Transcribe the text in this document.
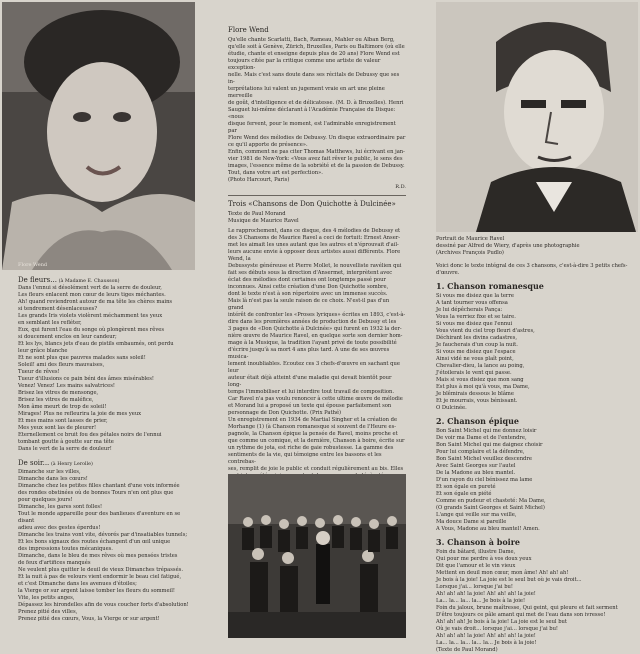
Flore Wend
De fleurs... (à Madame E. Chausson)
Dans l'ennui si désolément vert de la serre de douleur,
Les fleurs enlacent mon cœur de leurs tiges méchantes.
Ah! quand reviendront autour de ma tête les chères mains
si tendrement désenlaceuses?
Les grands Iris violets violèrent méchamment tes yeux
en semblant les refléter,
Eux, qui furent l'eau du songe où plongèrent mes rêves
si doucement enclos en leur candeur;
Et les lys, blancs jets d'eau de pistils embaumés, ont perdu
leur grâce blanche
Et ne sont plus que pauvres malades sans soleil!
Soleil! ami des fleurs mauvaises,
Tueur de rêves!
Tueur d'illusions ce pain béni des âmes misérables!
Venez! Venez! Les mains salvatrices!
Brisez les vitres de mensonge,
Brisez les vitres de maléfice,
Mon âme meurt de trop de soleil!
Mirages! Plus ne refleurira la joie de mes yeux
Et mes mains sont lasses de prier,
Mes yeux sont las de pleurer!
Eternellement ce bruit fou des pétales noirs de l'ennui
tombant goutte à goutte sur ma tête
Dans le vert de la serre de douleur!
De soir... (à Henry Lerolle)
Dimanche sur les villes,
Dimanche dans les cœurs!
Dimanche chez les petites filles chantant d'une voix informée
des rondes obstinées où de bonnes Tours n'en ont plus que
pour quelques jours!
Dimanche, les gares sont folles!
Tout le monde appareille pour des banlieues d'aventure en se disant
adieu avec des gestes éperdus!
Dimanche les trains vont vite, dévorés par d'insatiables tunnels;
Et les bons signaux des routes échangent d'un œil unique
des impressions toutes mécaniques.
Dimanche, dans le bleu de mes rêves où mes pensées tristes
de feux d'artifices manqués
Ne veulent plus quitter le deuil de vieux Dimanches trépassés.
Et la nuit à pas de velours vient endormir le beau ciel fatigué,
et c'est Dimanche dans les avenues d'étoiles;
la Vierge or sur argent laisse tomber les fleurs du sommeil!
Vite, les petits anges,
Dépassez les hirondelles afin de vous coucher forts d'absolution!
Prenez pitié des villes,
Prenez pitié des cœurs, Vous, la Vierge or sur argent!
Flore Wend
Qu'elle chante Scarlatti, Bach, Rameau, Mahler ou Alban Berg,
qu'elle soit à Genève, Zürich, Bruxelles, Paris ou Baltimore (où elle
étudie, chante et enseigne depuis plus de 20 ans) Flore Wend est
toujours citée par la critique comme une artiste de valeur exception-
nelle. Mais c'est sans doute dans ses récitals de Debussy que ses in-
terprétations lui valent un jugement vraie en art une pleine merveille
de goût, d'intelligence et de délicatesse. (M. D. à Bruxelles). Henri
Sauguet lui-même déclarant à l'Académie Française du Disque: «nous
disque fervent, pour le moment, est l'admirable enregistrement par
Flore Wend des mélodies de Debussy. Un disque extraordinaire par
ce qu'il apporte de présence».
Enfin, comment ne pas citer Thomas Matthews, lui écrivant en jan-
vier 1981 de New-York: «Vous avez fait rêver le public, le sens des
images, l'essence même de la sobriété et de la passion de Debussy.
Tout, dans votre art est perfection».
(Photo Harcourt, Paris)
R.D.
Trois «Chansons de Don Quichotte à Dulcinée»
Texte de Paul Morand
Musique de Maurice Ravel
Le rapprochement, dans ce disque, des 4 mélodies de Debussy et
des 3 Chansons de Maurice Ravel a ceci de fortuit: Ernest Anser-
met les aimait les unes autant que les autres et n'éprouvait d'ail-
leurs aucune envie à opposer deux artistes aussi différents. Flore Wend, la
Debussyste généreuse et Pierre Mollet, le nouvelliste ravélien qui
fait ses débuts sous la direction d'Ansermet, interprètent avec
éclat des mélodies dont certaines ont longtemps passé pour
inconnues. Ainsi cette création d'une Don Quichotte sombre,
dont le texte n'est à son répertoire avec un immense succès.
Mais là n'est pas la seule raison de ce choix. N'est-il pas d'un grand
intérêt de confronter les «Proses lyriques» écrites en 1893, c'est-à-
dire dans les premières années de production de Debussy et les
3 pages de «Don Quichotte à Dulcinée» qui furent en 1932 la der-
nière œuvre de Maurice Ravel, en quelque sorte son dernier hom-
mage à la Musique, la tradition l'ayant privé de toute possibilité
d'écrire jusqu'à sa mort 4 ans plus tard. A une de ses œuvres musica-
lement inoubliables. Ecoutez ces 3 chefs-d'œuvre en sachant que leur
auteur était déjà atteint d'une maladie qui devait bientôt pour long-
temps l'immobiliser et lui interdire tout travail de composition.
Car Ravel n'a pas voulu renoncer à cette ultime œuvre de mélodie
et Morand lui a proposé un texte qui épouse parfaitement son
personnage de Don Quichotte. (Prix Pathé)
Un enregistrement en 1934 de Martial Singher et la création de
Morhange (1) (à Chanson romanesque si souvent de l'Heure es-
pagnole, la Chanson épique la pensée de Ravel, moins proche et
que comme un comique, et la dernière, Chanson à boire, écrite sur
un rythme de jota, est riche de gaie robustesse. La gamme des
sentiments de la vie, qui témoigne entre les bassons et les contrebas-
ses, remplit de joie le public et conduit régulièrement au bis. Elles
Portrait de Maurice Ravel
dessiné par Alfred de Wiery, d'après une photographie
(Archives François Pudlo)
Voici donc le texte intégral de ces 3 chansons, c'est-à-dire 3 petits chefs-d'œuvre.
1. Chanson romanesque
Si vous me disiez que la terre
A tant tourner vous offensa
Je lui dépêcherais Pança:
Vous la verriez fixe et se taire.
Si vous me disiez que l'ennui
Vous vient du ciel trop fleuri d'astres,
Déchirant les divins cadastres,
Je faucherais d'un coup la nuit.
Si vous me disiez que l'espace
Ainsi vidé ne vous plaît point,
Chevalier-dieu, la lance au poing,
J'étoilerais le vent qui passe.
Mais si vous disiez que mon sang
Est plus à moi qu'à vous, ma Dame,
Je blêmirais dessous le blâme
Et je mourrais, vous bénissant.
O Dulcinée.
2. Chanson épique
Bon Saint Michel qui me donnez loisir
De voir ma Dame et de l'entendre,
Bon Saint Michel qui me daignez choisir
Pour lui complaire et la défendre,
Bon Saint Michel veuillez descendre
Avec Saint Georges sur l'autel
De la Madone au bleu mantel.
D'un rayon du ciel bénissez ma lame
Et son égale en pureté
Et son égale en piété
Comme en pudeur et chasteté: Ma Dame,
(O grands Saint Georges et Saint Michel)
L'ange qui veille sur ma veille,
Ma douce Dame si pareille
A Vous, Madone au bleu mantel! Amen.
3. Chanson à boire
Foin du bâtard, illustre Dame,
Qui pour me perdre à vos doux yeux
Dit que l'amour et le vin vieux
Mettent en deuil mon cœur, mon âme! Ah! ah! ah!
Je bois à la joie! La joie est le seul but où je vais droit...
Lorsque j'ai... lorsque j'ai bu!
Ah! ah! ah! la joie! Ah! ah! ah! la joie!
La... la... la... la... Je bois à la joie!
Foin du jaloux, brune maîtresse, Qui geint, qui pleure et fait serment
D'être toujours ce pâle amant qui met de l'eau dans son ivresse!
Ah! ah! ah! Je bois à la joie! La joie est le seul but
Où je vais droit... lorsque j'ai... lorsque j'ai bu!
Ah! ah! ah! la joie! Ah! ah! ah! la joie!
La... la... la... la... la... Je bois à la joie!
(Texte de Paul Morand)
